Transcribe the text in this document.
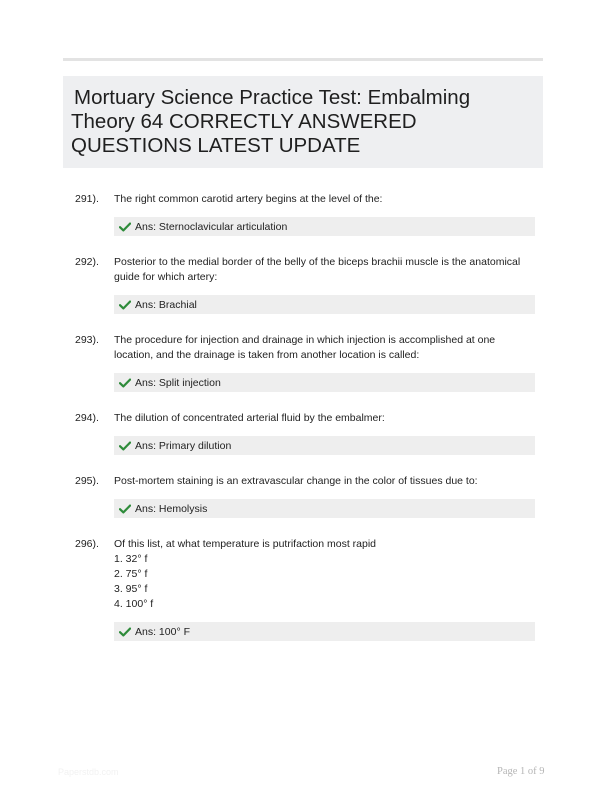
Mortuary Science Practice Test: Embalming Theory 64 CORRECTLY ANSWERED QUESTIONS LATEST UPDATE
291). The right common carotid artery begins at the level of the:
Ans: Sternoclavicular articulation
292). Posterior to the medial border of the belly of the biceps brachii muscle is the anatomical guide for which artery:
Ans: Brachial
293). The procedure for injection and drainage in which injection is accomplished at one location, and the drainage is taken from another location is called:
Ans: Split injection
294). The dilution of concentrated arterial fluid by the embalmer:
Ans: Primary dilution
295). Post-mortem staining is an extravascular change in the color of tissues due to:
Ans: Hemolysis
296). Of this list, at what temperature is putrifaction most rapid
1. 32° f
2. 75° f
3. 95° f
4. 100° f
Ans: 100° F
Paperstdb.com	Page 1 of 9
